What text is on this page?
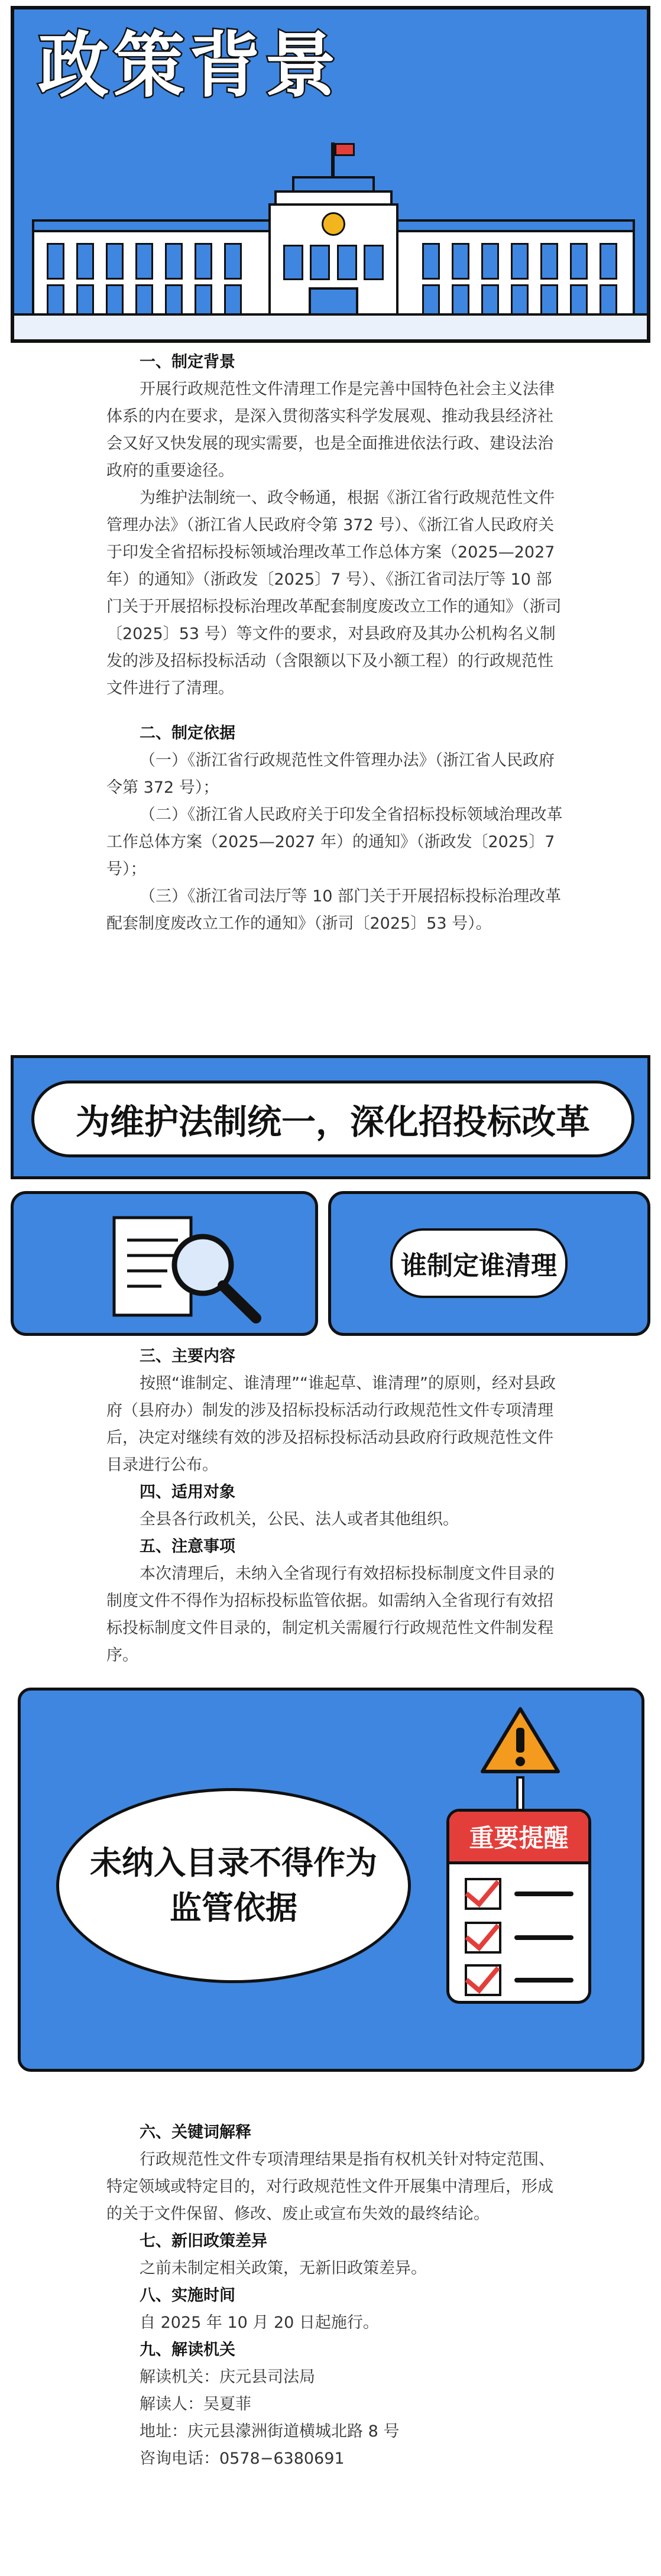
政策背景

一、制定背景

开展行政规范性文件清理工作是完善中国特色社会主义法律体系的内在要求，是深入贯彻落实科学发展观、推动我县经济社会又好又快发展的现实需要，也是全面推进依法行政、建设法治政府的重要途径。

为维护法制统一、政令畅通，根据《浙江省行政规范性文件管理办法》（浙江省人民政府令第 372 号）、《浙江省人民政府关于印发全省招标投标领域治理改革工作总体方案（2025—2027 年）的通知》（浙政发〔2025〕7 号）、《浙江省司法厅等 10 部门关于开展招标投标治理改革配套制度废改立工作的通知》（浙司〔2025〕53 号）等文件的要求，对县政府及其办公机构名义制发的涉及招标投标活动（含限额以下及小额工程）的行政规范性文件进行了清理。

二、制定依据

（一）《浙江省行政规范性文件管理办法》（浙江省人民政府令第 372 号）；

（二）《浙江省人民政府关于印发全省招标投标领域治理改革工作总体方案（2025—2027 年）的通知》（浙政发〔2025〕7 号）；

（三）《浙江省司法厅等 10 部门关于开展招标投标治理改革配套制度废改立工作的通知》（浙司〔2025〕53 号）。

为维护法制统一，深化招投标改革
谁制定谁清理

三、主要内容

按照“谁制定、谁清理”“谁起草、谁清理”的原则，经对县政府（县府办）制发的涉及招标投标活动行政规范性文件专项清理后，决定对继续有效的涉及招标投标活动县政府行政规范性文件目录进行公布。

四、适用对象

全县各行政机关，公民、法人或者其他组织。

五、注意事项

本次清理后，未纳入全省现行有效招标投标制度文件目录的制度文件不得作为招标投标监管依据。如需纳入全省现行有效招标投标制度文件目录的，制定机关需履行行政规范性文件制发程序。

未纳入目录不得作为
监管依据
重要提醒

六、关键词解释

行政规范性文件专项清理结果是指有权机关针对特定范围、特定领域或特定目的，对行政规范性文件开展集中清理后，形成的关于文件保留、修改、废止或宣布失效的最终结论。

七、新旧政策差异

之前未制定相关政策，无新旧政策差异。

八、实施时间

自 2025 年 10 月 20 日起施行。

九、解读机关

解读机关：庆元县司法局

解读人：吴夏菲

地址：庆元县濛洲街道横城北路 8 号

咨询电话：0578−6380691
